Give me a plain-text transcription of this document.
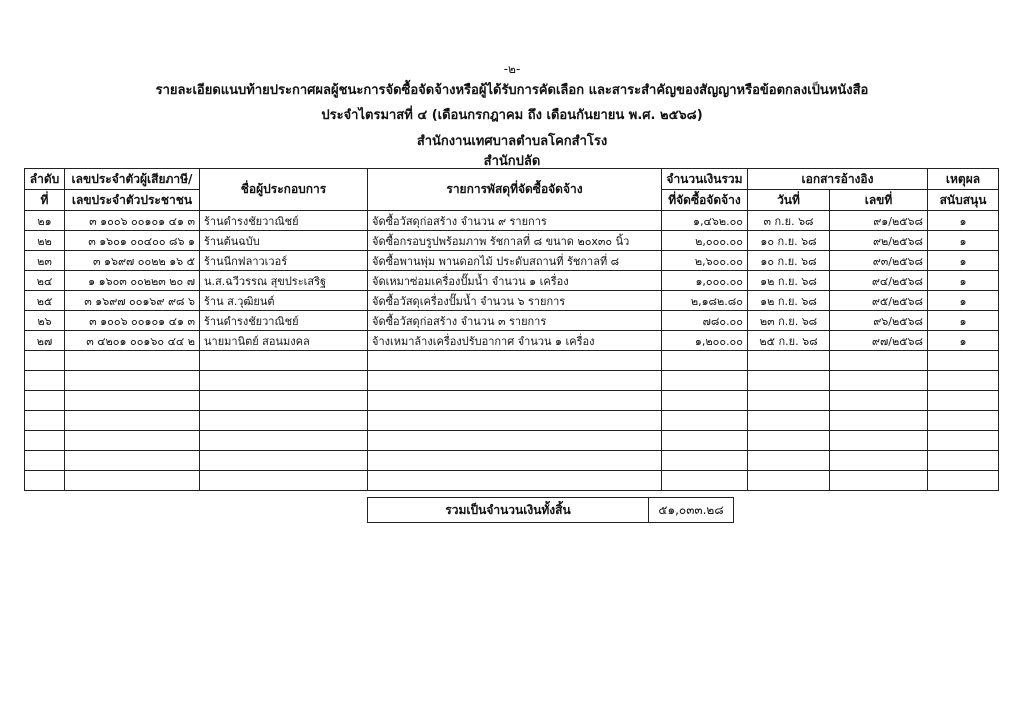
-๒-
รายละเอียดแนบท้ายประกาศผลผู้ชนะการจัดซื้อจัดจ้างหรือผู้ได้รับการคัดเลือก และสาระสำคัญของสัญญาหรือข้อตกลงเป็นหนังสือ
ประจำไตรมาสที่ ๔ (เดือนกรกฎาคม ถึง เดือนกันยายน พ.ศ. ๒๕๖๘)
สำนักงานเทศบาลตำบลโคกสำโรง
สำนักปลัด
ลำดับ	เลขประจำตัวผู้เสียภาษี/	ชื่อผู้ประกอบการ	รายการพัสดุที่จัดซื้อจัดจ้าง	จำนวนเงินรวม	เอกสารอ้างอิง		เหตุผล
ที่	เลขประจำตัวประชาชน			ที่จัดซื้อจัดจ้าง	วันที่	เลขที่	สนับสนุน
๒๑	๓ ๑๐๐๖ ๐๐๑๐๑ ๔๑ ๓	ร้านดำรงชัยวาณิชย์	จัดซื้อวัสดุก่อสร้าง จำนวน ๙ รายการ	๑,๔๖๒.๐๐	๓ ก.ย. ๖๘	๙๑/๒๕๖๘	๑
๒๒	๓ ๑๖๐๑ ๐๐๔๐๐ ๘๖ ๑	ร้านต้นฉบับ	จัดซื้อกรอบรูปพร้อมภาพ รัชกาลที่ ๘ ขนาด ๒๐x๓๐ นิ้ว	๒,๐๐๐.๐๐	๑๐ ก.ย. ๖๘	๙๒/๒๕๖๘	๑
๒๓	๓ ๑๖๙๗ ๐๐๒๒ ๑๖ ๕	ร้านนีกฟลาวเวอร์	จัดซื้อพานพุ่ม พานดอกไม้ ประดับสถานที่ รัชกาลที่ ๘	๒,๖๐๐.๐๐	๑๐ ก.ย. ๖๘	๙๓/๒๕๖๘	๑
๒๔	๑ ๑๖๐๓ ๐๐๒๒๓ ๒๐ ๗	น.ส.ฉวีวรรณ สุขประเสริฐ	จัดเหมาซ่อมเครื่องปั๊มน้ำ จำนวน ๑ เครื่อง	๑,๐๐๐.๐๐	๑๒ ก.ย. ๖๘	๙๔/๒๕๖๘	๑
๒๕	๓ ๑๖๙๗ ๐๐๑๖๙ ๙๘ ๖	ร้าน ส.วุฒิยนต์	จัดซื้อวัสดุเครื่องปั๊มน้ำ จำนวน ๖ รายการ	๒,๑๘๒.๘๐	๑๒ ก.ย. ๖๘	๙๕/๒๕๖๘	๑
๒๖	๓ ๑๐๐๖ ๐๐๑๐๑ ๔๑ ๓	ร้านดำรงชัยวาณิชย์	จัดซื้อวัสดุก่อสร้าง จำนวน ๓ รายการ	๗๘๐.๐๐	๒๓ ก.ย. ๖๘	๙๖/๒๕๖๘	๑
๒๗	๓ ๔๒๐๑ ๐๐๑๖๐ ๔๔ ๒	นายมานิตย์ สอนมงคล	จ้างเหมาล้างเครื่องปรับอากาศ จำนวน ๑ เครื่อง	๑,๒๐๐.๐๐	๒๕ ก.ย. ๖๘	๙๗/๒๕๖๘	๑

รวมเป็นจำนวนเงินทั้งสิ้น	๕๑,๐๓๓.๒๘
